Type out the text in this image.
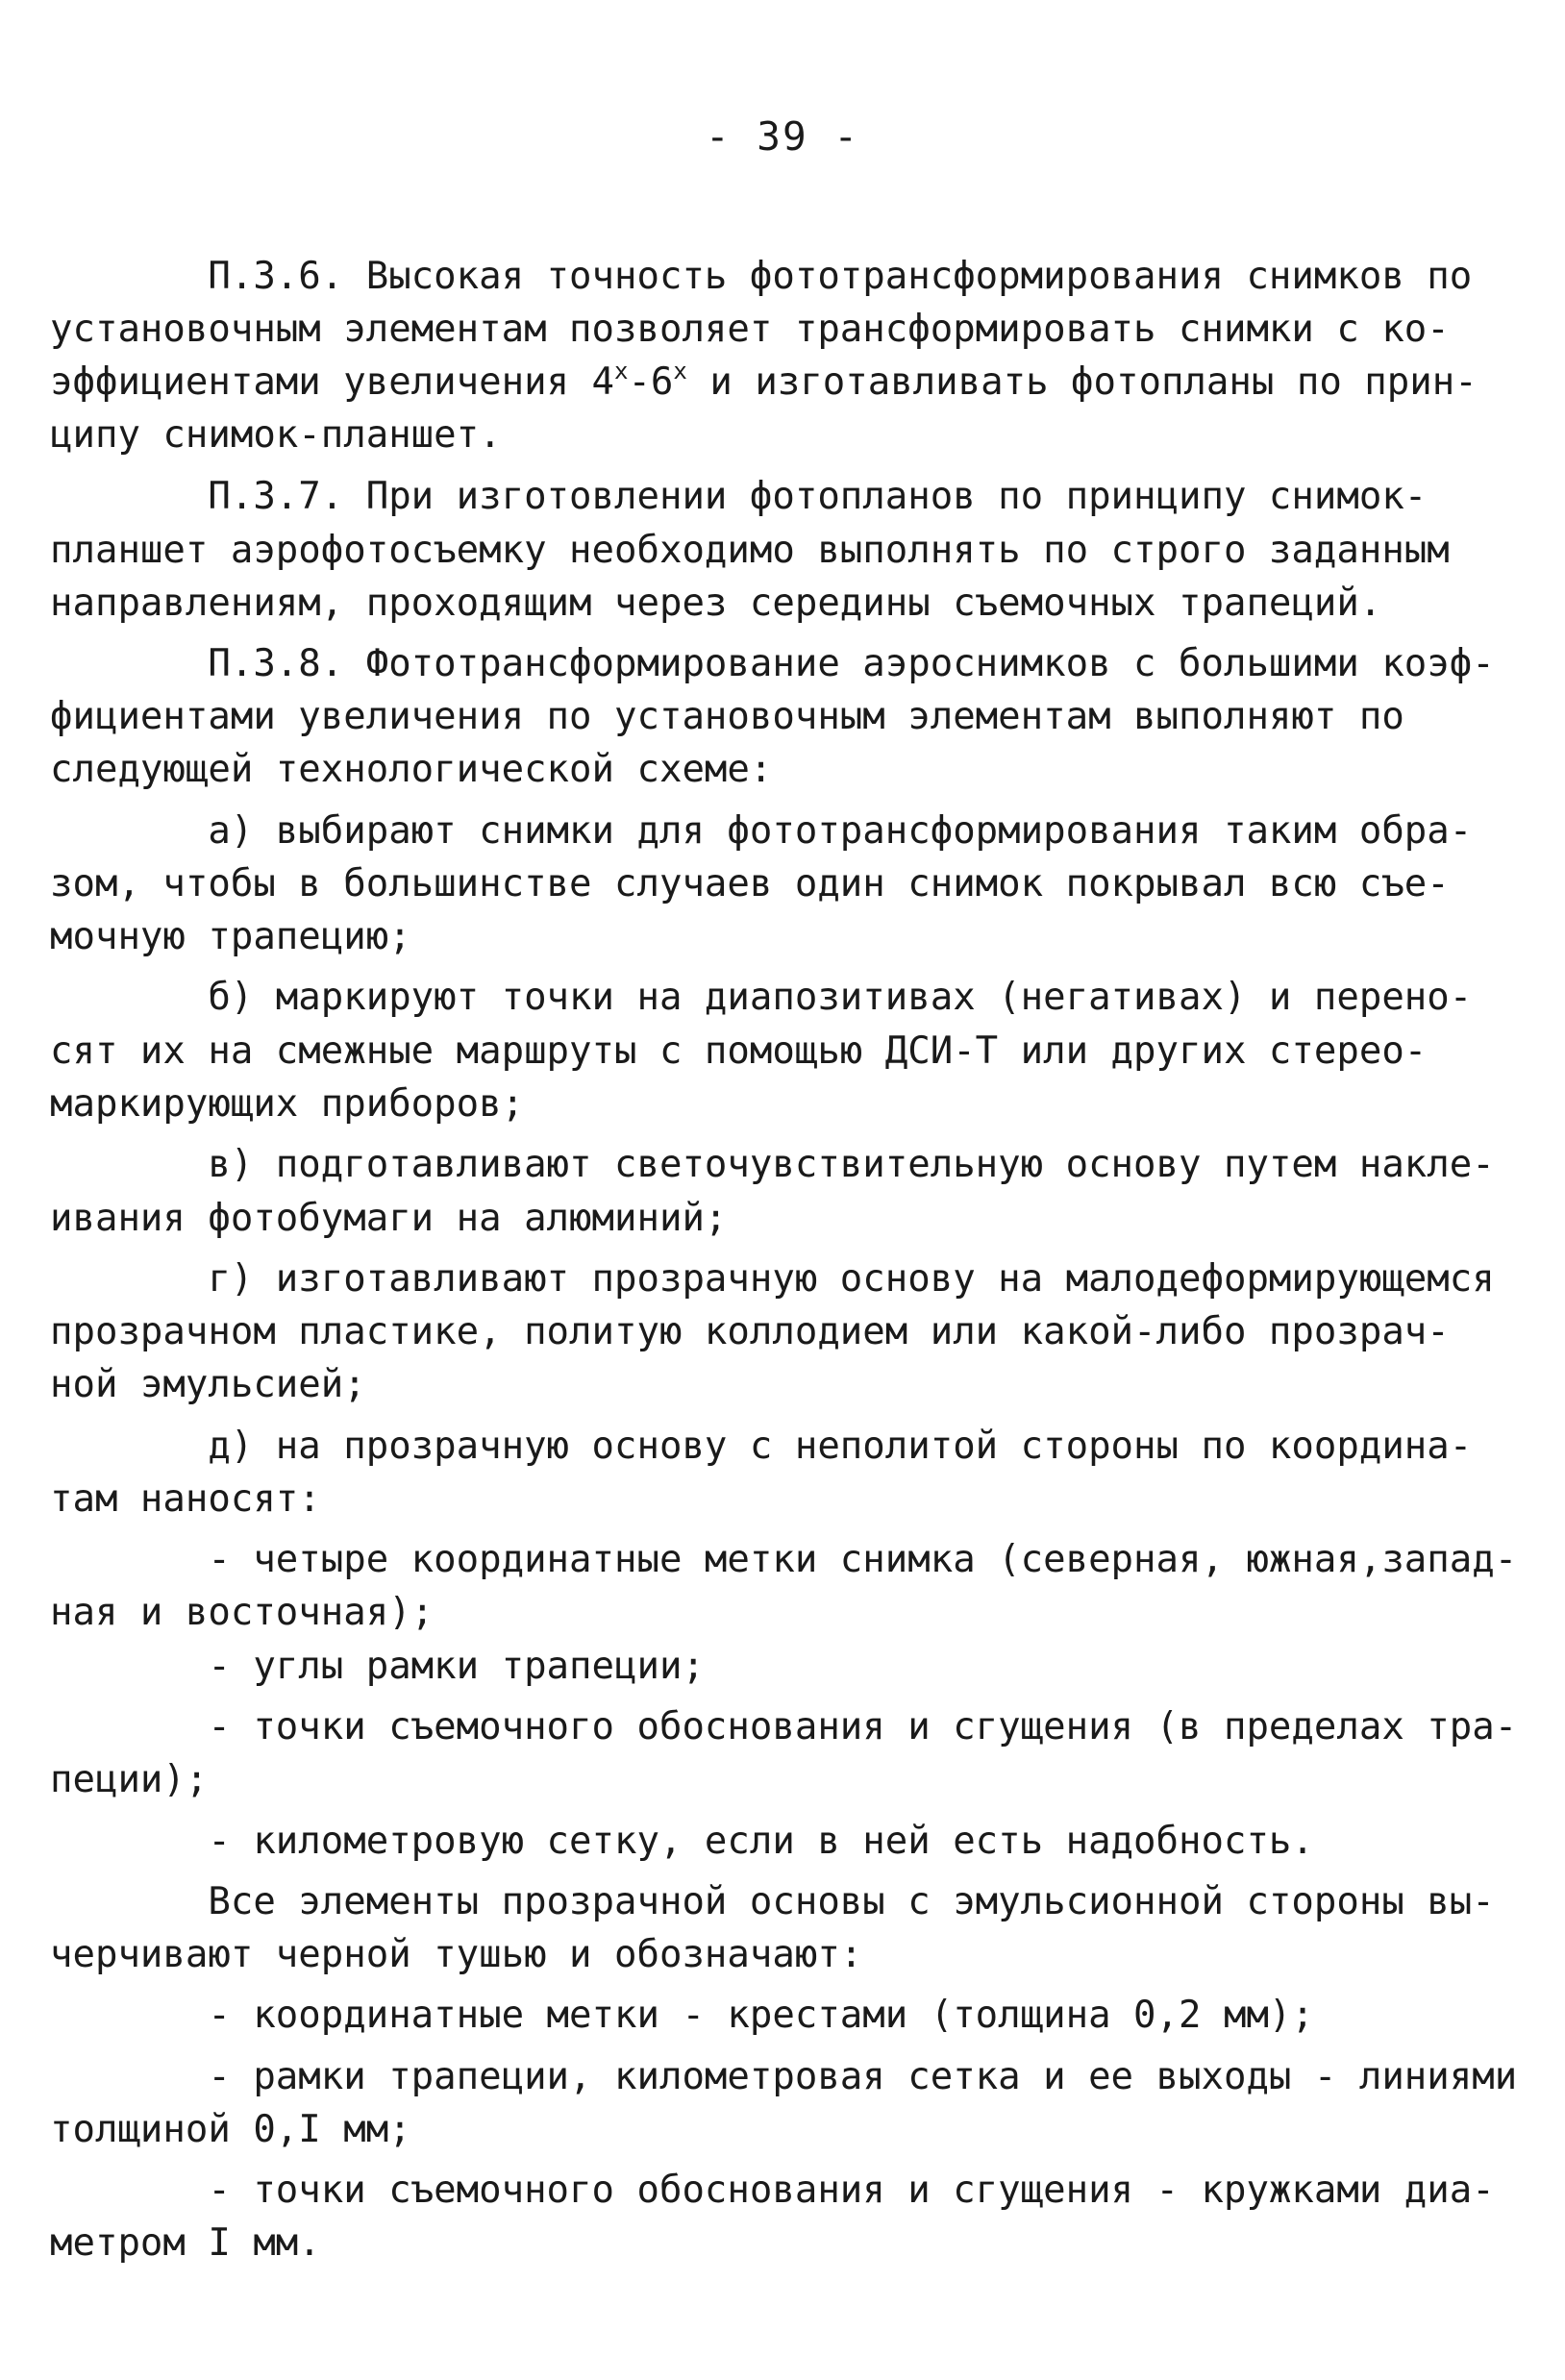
- 39 -
П.3.6. Высокая точность фототрансформирования снимков по
установочным элементам позволяет трансформировать снимки с ко-
эффициентами увеличения $4^х-6^х$ и изготавливать фотопланы по прин-
ципу снимок-планшет.
П.3.7. При изготовлении фотопланов по принципу снимок-
планшет аэрофотосъемку необходимо выполнять по строго заданным
направлениям, проходящим через середины съемочных трапеций.
П.3.8. Фототрансформирование аэроснимков с большими коэф-
фициентами увеличения по установочным элементам выполняют по
следующей технологической схеме:
а) выбирают снимки для фототрансформирования таким обра-
зом, чтобы в большинстве случаев один снимок покрывал всю съе-
мочную трапецию;
б) маркируют точки на диапозитивах (негативах) и перено-
сят их на смежные маршруты с помощью ДСИ-Т или других стерео-
маркирующих приборов;
в) подготавливают светочувствительную основу путем накле-
ивания фотобумаги на алюминий;
г) изготавливают прозрачную основу на малодеформирующемся
прозрачном пластике, политую коллодием или какой-либо прозрач-
ной эмульсией;
д) на прозрачную основу с неполитой стороны по координа-
там наносят:
- четыре координатные метки снимка (северная, южная,запад-
ная и восточная);
- углы рамки трапеции;
- точки съемочного обоснования и сгущения (в пределах тра-
пеции);
- километровую сетку, если в ней есть надобность.
Все элементы прозрачной основы с эмульсионной стороны вы-
черчивают черной тушью и обозначают:
- координатные метки - крестами (толщина 0,2 мм);
- рамки трапеции, километровая сетка и ее выходы - линиями
толщиной 0,I мм;
- точки съемочного обоснования и сгущения - кружками диа-
метром I мм.
